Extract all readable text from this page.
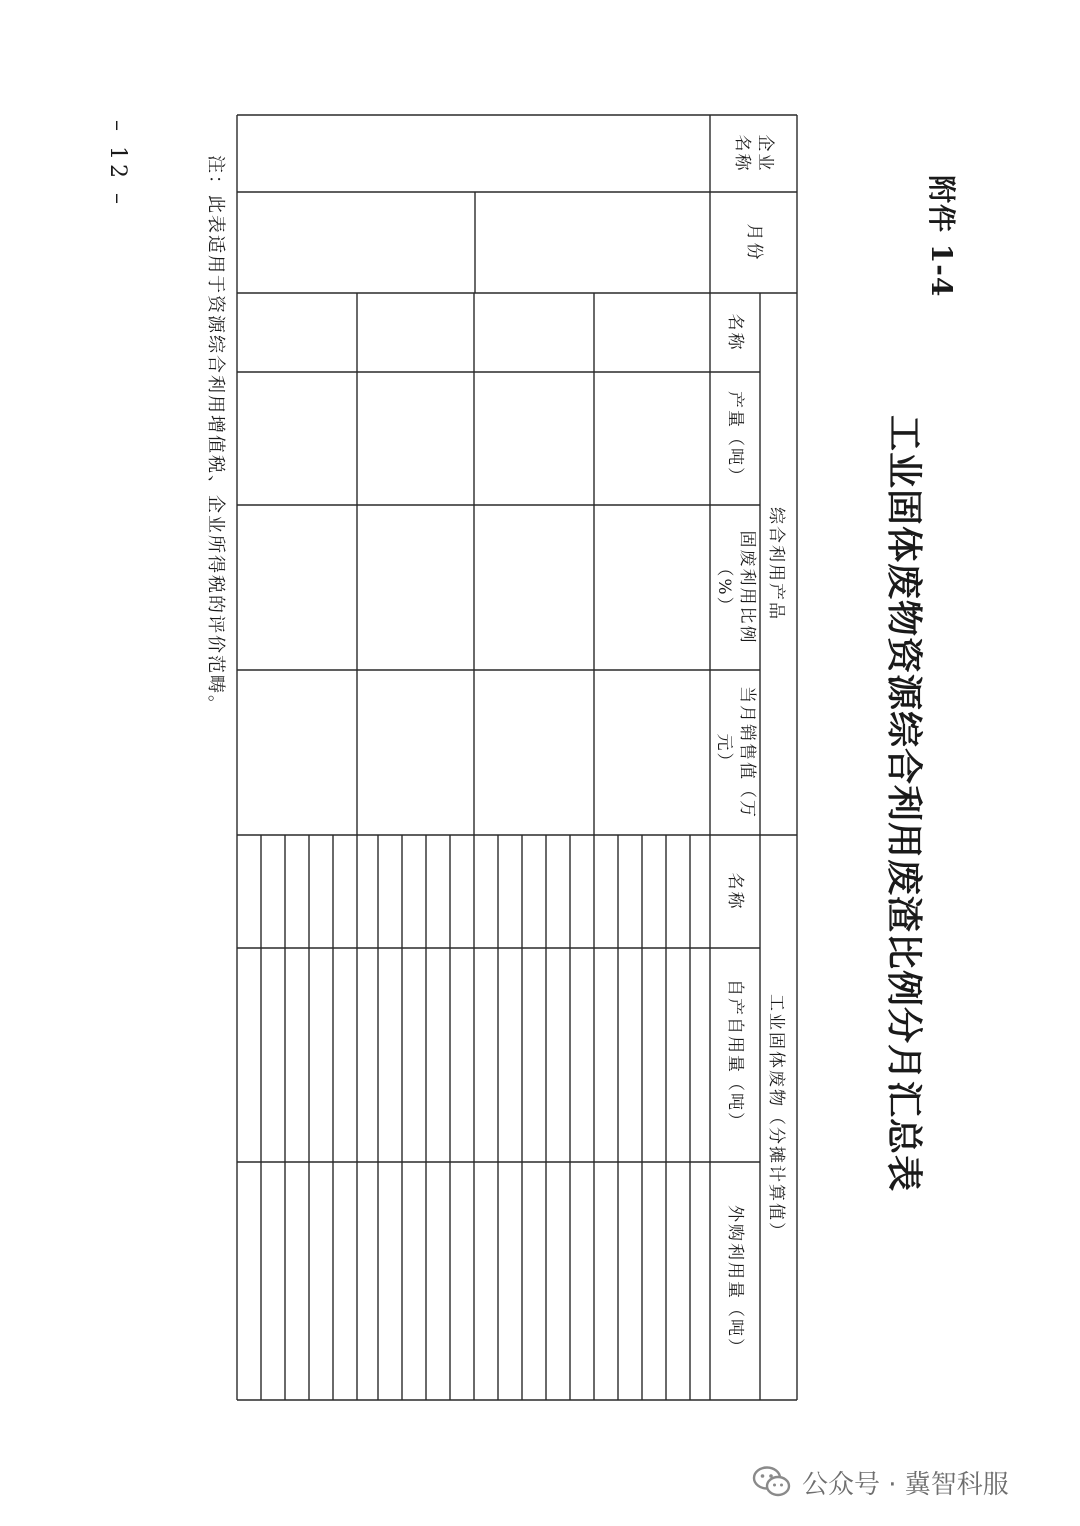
附件 1-4
工业固体废物资源综合利用废渣比例分月汇总表
企业名称
月份
综合利用产品
名称
产量（吨）
固废利用比例（%）
当月销售值（万元）
工业固体废物（分摊计算值）
名称
自产自用量（吨）
外购利用量（吨）
注：此表适用于资源综合利用增值税、企业所得税的评价范畴。
– 12 –
公众号 · 冀智科服
